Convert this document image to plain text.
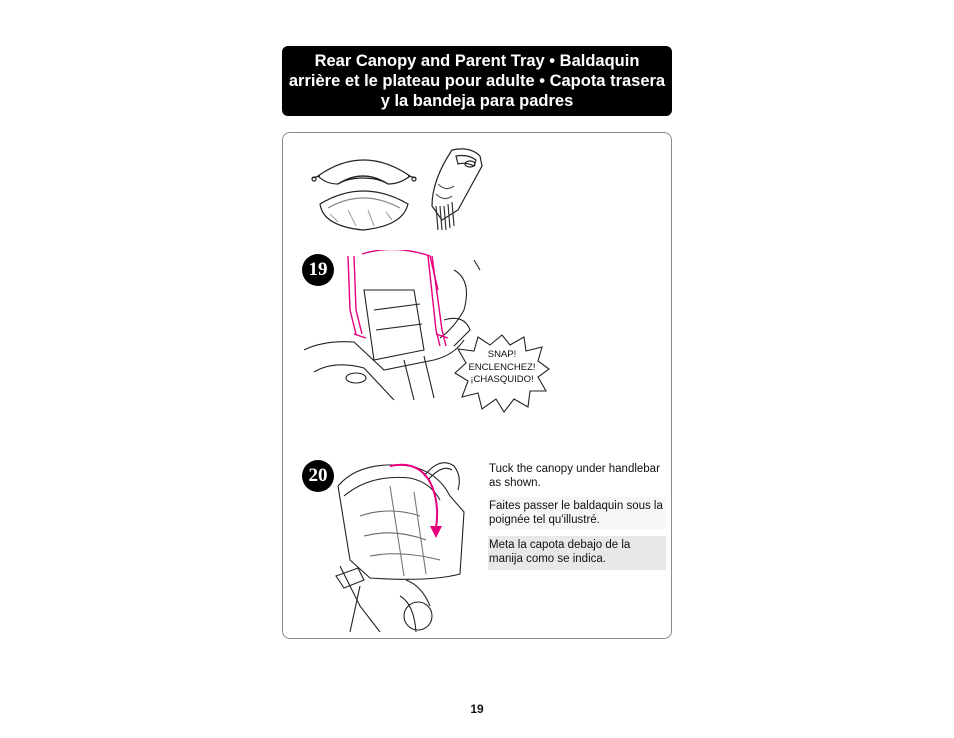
Rear Canopy and Parent Tray • Baldaquin arrière et le plateau pour adulte • Capota trasera y la bandeja para padres
19
SNAP!
ENCLENCHEZ!
¡CHASQUIDO!
20	Tuck the canopy under handlebar as shown.
Faites passer le baldaquin sous la poignée tel qu'illustré.
Meta la capota debajo de la manija como se indica.
19
